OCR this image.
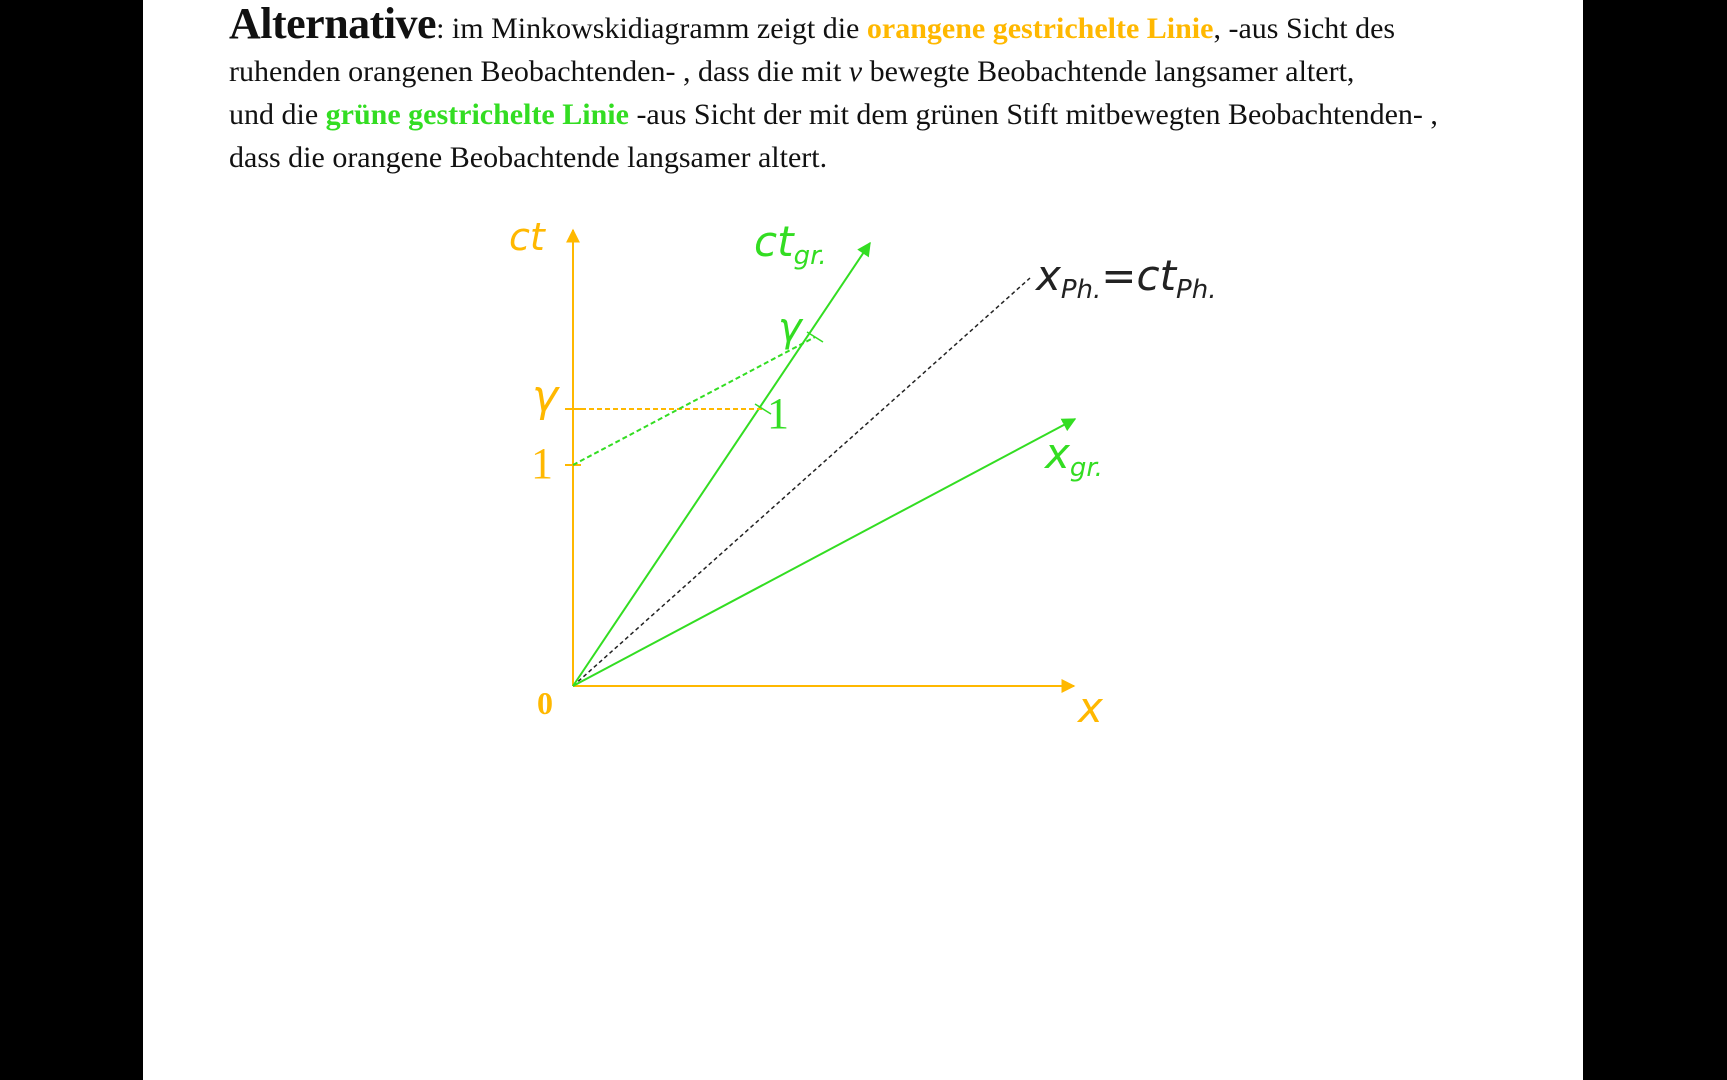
Alternative: im Minkowskidiagramm zeigt die orangene gestrichelte Linie, -aus Sicht des
ruhenden orangenen Beobachtenden- , dass die mit v bewegte Beobachtende langsamer altert,
und die grüne gestrichelte Linie -aus Sicht der mit dem grünen Stift mitbewegten Beobachtenden- ,
dass die orangene Beobachtende langsamer altert.
ct	ctgr.	xPh.=ctPh.
xgr.
x
γ
1
0
γ
1
